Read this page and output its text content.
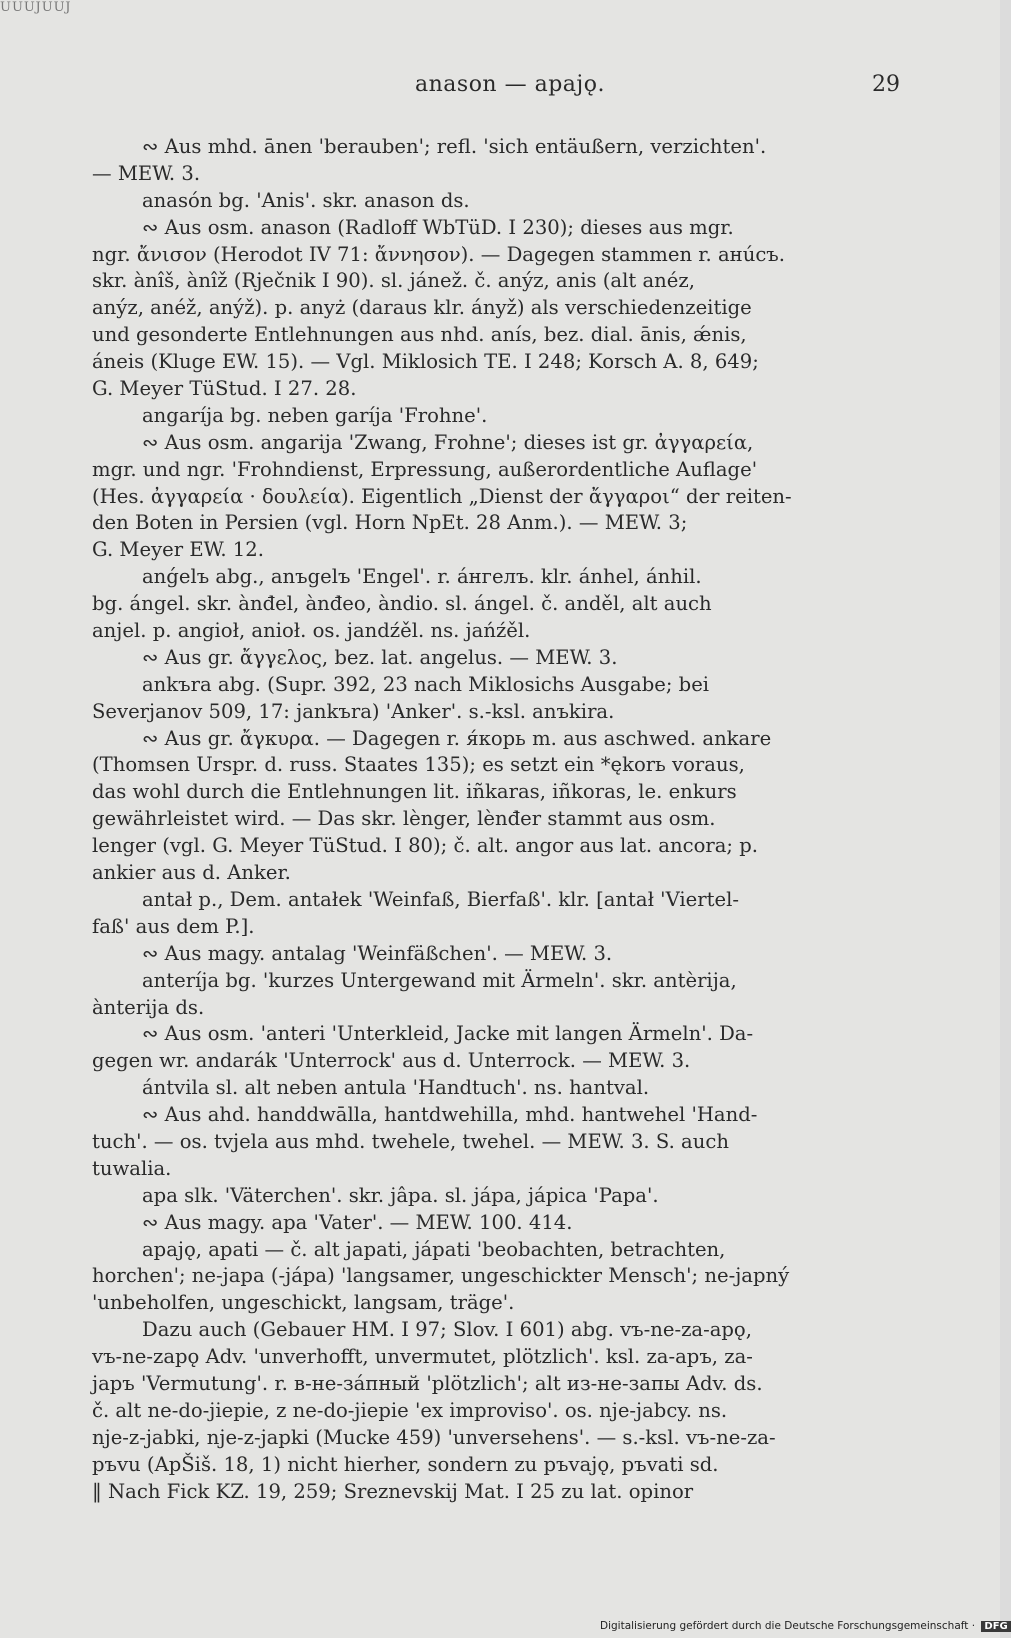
UUUJUUJ
anason — apajǫ.	29
∾ Aus mhd. ānen 'berauben'; refl. 'sich entäußern, verzichten'.
— MEW. 3.
anasón bg. 'Anis'. skr. anason ds.
∾ Aus osm. anason (Radloff WbTüD. I 230); dieses aus mgr.
ngr. ἄνισον (Herodot IV 71: ἄννησον). — Dagegen stammen r. анúсъ.
skr. ànîš, ànîž (Rječnik I 90). sl. jánež. č. anýz, anis (alt anéz,
anýz, anéž, anýž). p. anyż (daraus klr. ányž) als verschiedenzeitige
und gesonderte Entlehnungen aus nhd. anís, bez. dial. ānis, ǽnis,
áneis (Kluge EW. 15). — Vgl. Miklosich TE. I 248; Korsch A. 8, 649;
G. Meyer TüStud. I 27. 28.
angaríja bg. neben garíja 'Frohne'.
∾ Aus osm. angarija 'Zwang, Frohne'; dieses ist gr. ἀγγαρεία,
mgr. und ngr. 'Frohndienst, Erpressung, außerordentliche Auflage'
(Hes. ἀγγαρεία · δουλεία). Eigentlich „Dienst der ἄγγαροι“ der reiten-
den Boten in Persien (vgl. Horn NpEt. 28 Anm.). — MEW. 3;
G. Meyer EW. 12.
anǵelъ abg., anъgelъ 'Engel'. r. áнгелъ. klr. ánhel, ánhil.
bg. ángel. skr. ànđel, ànđeo, àndio. sl. ángel. č. anděl, alt auch
anjel. p. angioł, anioł. os. jandźěl. ns. jańźěl.
∾ Aus gr. ἄγγελος, bez. lat. angelus. — MEW. 3.
ankъra abg. (Supr. 392, 23 nach Miklosichs Ausgabe; bei
Severjanov 509, 17: jankъra) 'Anker'. s.-ksl. anъkira.
∾ Aus gr. ἄγκυρα. — Dagegen r. я́корь m. aus aschwed. ankare
(Thomsen Urspr. d. russ. Staates 135); es setzt ein *ękorь voraus,
das wohl durch die Entlehnungen lit. iñkaras, iñkoras, le. enkurs
gewährleistet wird. — Das skr. lènger, lènđer stammt aus osm.
lenger (vgl. G. Meyer TüStud. I 80); č. alt. angor aus lat. ancora; p.
ankier aus d. Anker.
antał p., Dem. antałek 'Weinfaß, Bierfaß'. klr. [antał 'Viertel-
faß' aus dem P.].
∾ Aus magy. antalag 'Weinfäßchen'. — MEW. 3.
anteríja bg. 'kurzes Untergewand mit Ärmeln'. skr. antèrija,
ànterija ds.
∾ Aus osm. 'anteri 'Unterkleid, Jacke mit langen Ärmeln'. Da-
gegen wr. andarák 'Unterrock' aus d. Unterrock. — MEW. 3.
ántvila sl. alt neben antula 'Handtuch'. ns. hantval.
∾ Aus ahd. handdwālla, hantdwehilla, mhd. hantwehel 'Hand-
tuch'. — os. tvjela aus mhd. twehele, twehel. — MEW. 3. S. auch
tuwalia.
apa slk. 'Väterchen'. skr. jâpa. sl. jápa, jápica 'Papa'.
∾ Aus magy. apa 'Vater'. — MEW. 100. 414.
apajǫ, apati — č. alt japati, jápati 'beobachten, betrachten,
horchen'; ne-japa (-jápa) 'langsamer, ungeschickter Mensch'; ne-japný
'unbeholfen, ungeschickt, langsam, träge'.
Dazu auch (Gebauer HM. I 97; Slov. I 601) abg. vъ-ne-za-apǫ,
vъ-ne-zapǫ Adv. 'unverhofft, unvermutet, plötzlich'. ksl. za-apъ, za-
japъ 'Vermutung'. r. в-не-зáпный 'plötzlich'; alt из-не-запы Adv. ds.
č. alt ne-do-jiepie, z ne-do-jiepie 'ex improviso'. os. nje-jabcy. ns.
nje-z-jabki, nje-z-japki (Mucke 459) 'unversehens'. — s.-ksl. vъ-ne-za-
pъvu (ApŠiš. 18, 1) nicht hierher, sondern zu pъvajǫ, pъvati sd.
‖ Nach Fick KZ. 19, 259; Sreznevskij Mat. I 25 zu lat. opinor
Digitalisierung gefördert durch die Deutsche Forschungsgemeinschaft · DFG
